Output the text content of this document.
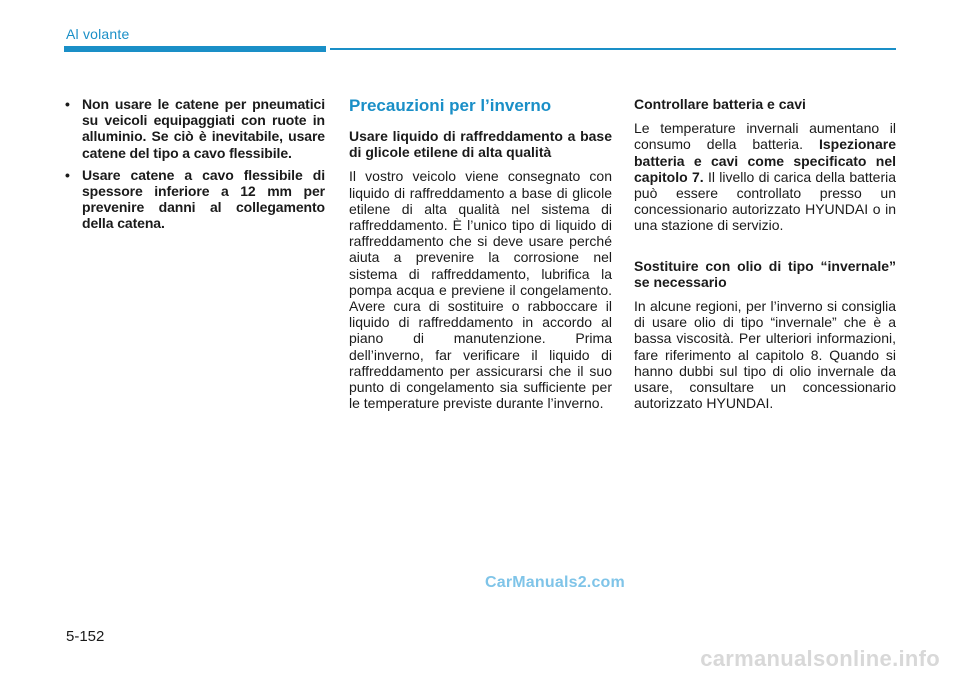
Al volante
• Non usare le catene per pneumatici su veicoli equipaggiati con ruote in alluminio. Se ciò è inevitabile, usare catene del tipo a cavo flessibile.
• Usare catene a cavo flessibile di spessore inferiore a 12 mm per prevenire danni al collegamento della catena.
Precauzioni per l’inverno
Usare liquido di raffreddamento a base di glicole etilene di alta qualità

Il vostro veicolo viene consegnato con liquido di raffreddamento a base di glicole etilene di alta qualità nel sistema di raffreddamento. È l’unico tipo di liquido di raffreddamento che si deve usare perché aiuta a prevenire la corrosione nel sistema di raffreddamento, lubrifica la pompa acqua e previene il congelamento. Avere cura di sostituire o rabboccare il liquido di raffreddamento in accordo al piano di manutenzione. Prima dell’inverno, far verificare il liquido di raffreddamento per assicurarsi che il suo punto di congelamento sia sufficiente per le temperature previste durante l’inverno.

Controllare batteria e cavi

Le temperature invernali aumentano il consumo della batteria. Ispezionare batteria e cavi come specificato nel capitolo 7. Il livello di carica della batteria può essere controllato presso un concessionario autorizzato HYUNDAI o in una stazione di servizio.

Sostituire con olio di tipo “invernale” se necessario

In alcune regioni, per l’inverno si consiglia di usare olio di tipo “invernale” che è a bassa viscosità. Per ulteriori informazioni, fare riferimento al capitolo 8. Quando si hanno dubbi sul tipo di olio invernale da usare, consultare un concessionario autorizzato HYUNDAI.

CarManuals2.com
5-152
carmanualsonline.info
